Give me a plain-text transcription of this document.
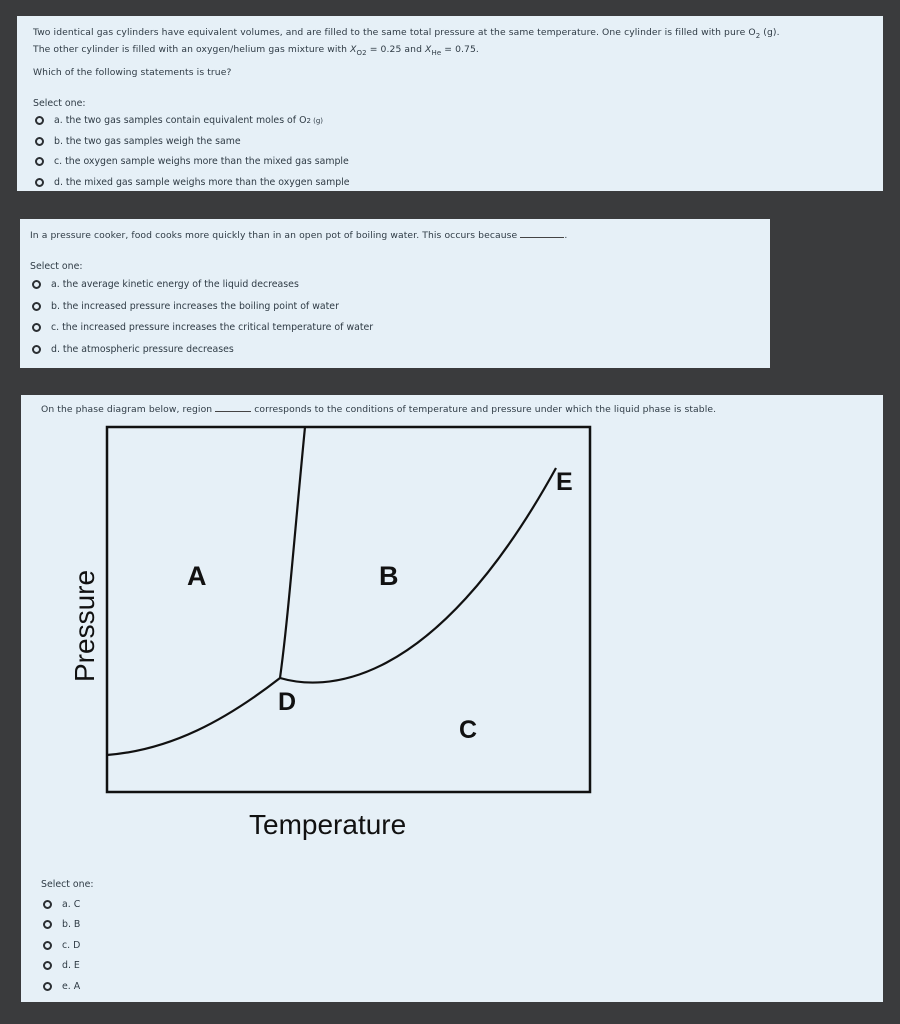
Two identical gas cylinders have equivalent volumes, and are filled to the same total pressure at the same temperature. One cylinder is filled with pure $O_2$ (g).

The other cylinder is filled with an oxygen/helium gas mixture with $X_{O2} = 0.25$ and $X_{He} = 0.75$.

Which of the following statements is true?

Select one:
a. the two gas samples contain equivalent moles of O 2 (g)
b. the two gas samples weigh the same
c. the oxygen sample weighs more than the mixed gas sample
d. the mixed gas sample weighs more than the oxygen sample

In a pressure cooker, food cooks more quickly than in an open pot of boiling water. This occurs because	.

Select one:
a. the average kinetic energy of the liquid decreases
b. the increased pressure increases the boiling point of water
c. the increased pressure increases the critical temperature of water
d. the atmospheric pressure decreases

On the phase diagram below, region	corresponds to the conditions of temperature and pressure under which the liquid phase is stable.

A	B
C
D
E
Temperature
Pressure
Select one:
a. C
b. B
c. D
d. E
e. A
